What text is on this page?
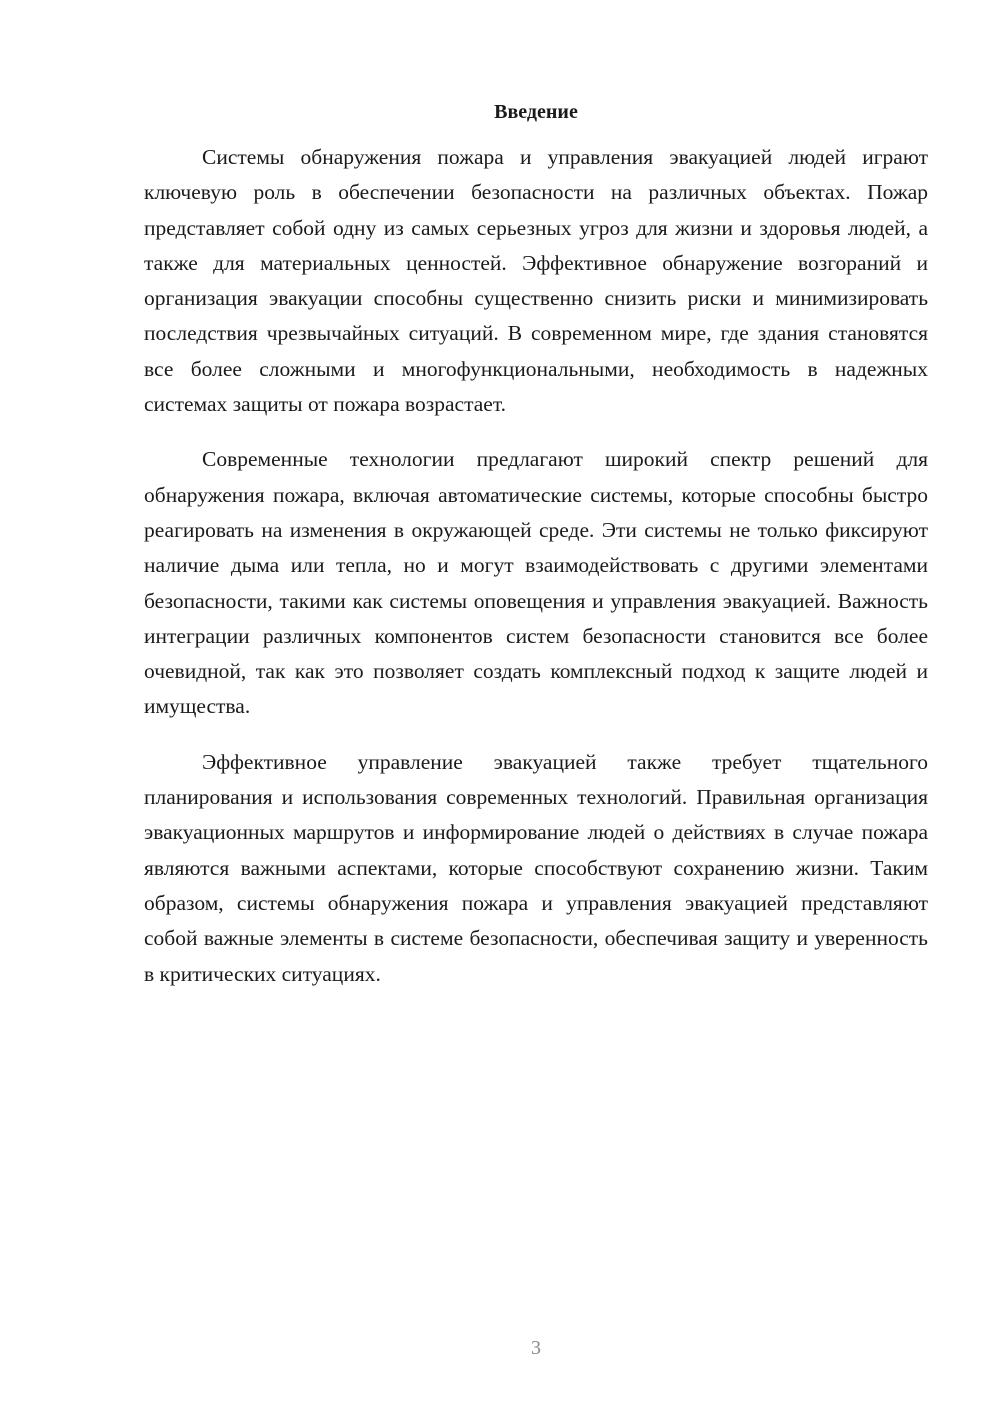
Введение

Системы обнаружения пожара и управления эвакуацией людей играют ключевую роль в обеспечении безопасности на различных объектах. Пожар представляет собой одну из самых серьезных угроз для жизни и здоровья людей, а также для материальных ценностей. Эффективное обнаружение возгораний и организация эвакуации способны существенно снизить риски и минимизировать последствия чрезвычайных ситуаций. В современном мире, где здания становятся все более сложными и многофункциональными, необходимость в надежных системах защиты от пожара возрастает.

Современные технологии предлагают широкий спектр решений для обнаружения пожара, включая автоматические системы, которые способны быстро реагировать на изменения в окружающей среде. Эти системы не только фиксируют наличие дыма или тепла, но и могут взаимодействовать с другими элементами безопасности, такими как системы оповещения и управления эвакуацией. Важность интеграции различных компонентов систем безопасности становится все более очевидной, так как это позволяет создать комплексный подход к защите людей и имущества.

Эффективное управление эвакуацией также требует тщательного планирования и использования современных технологий. Правильная организация эвакуационных маршрутов и информирование людей о действиях в случае пожара являются важными аспектами, которые способствуют сохранению жизни. Таким образом, системы обнаружения пожара и управления эвакуацией представляют собой важные элементы в системе безопасности, обеспечивая защиту и уверенность в критических ситуациях.

3
